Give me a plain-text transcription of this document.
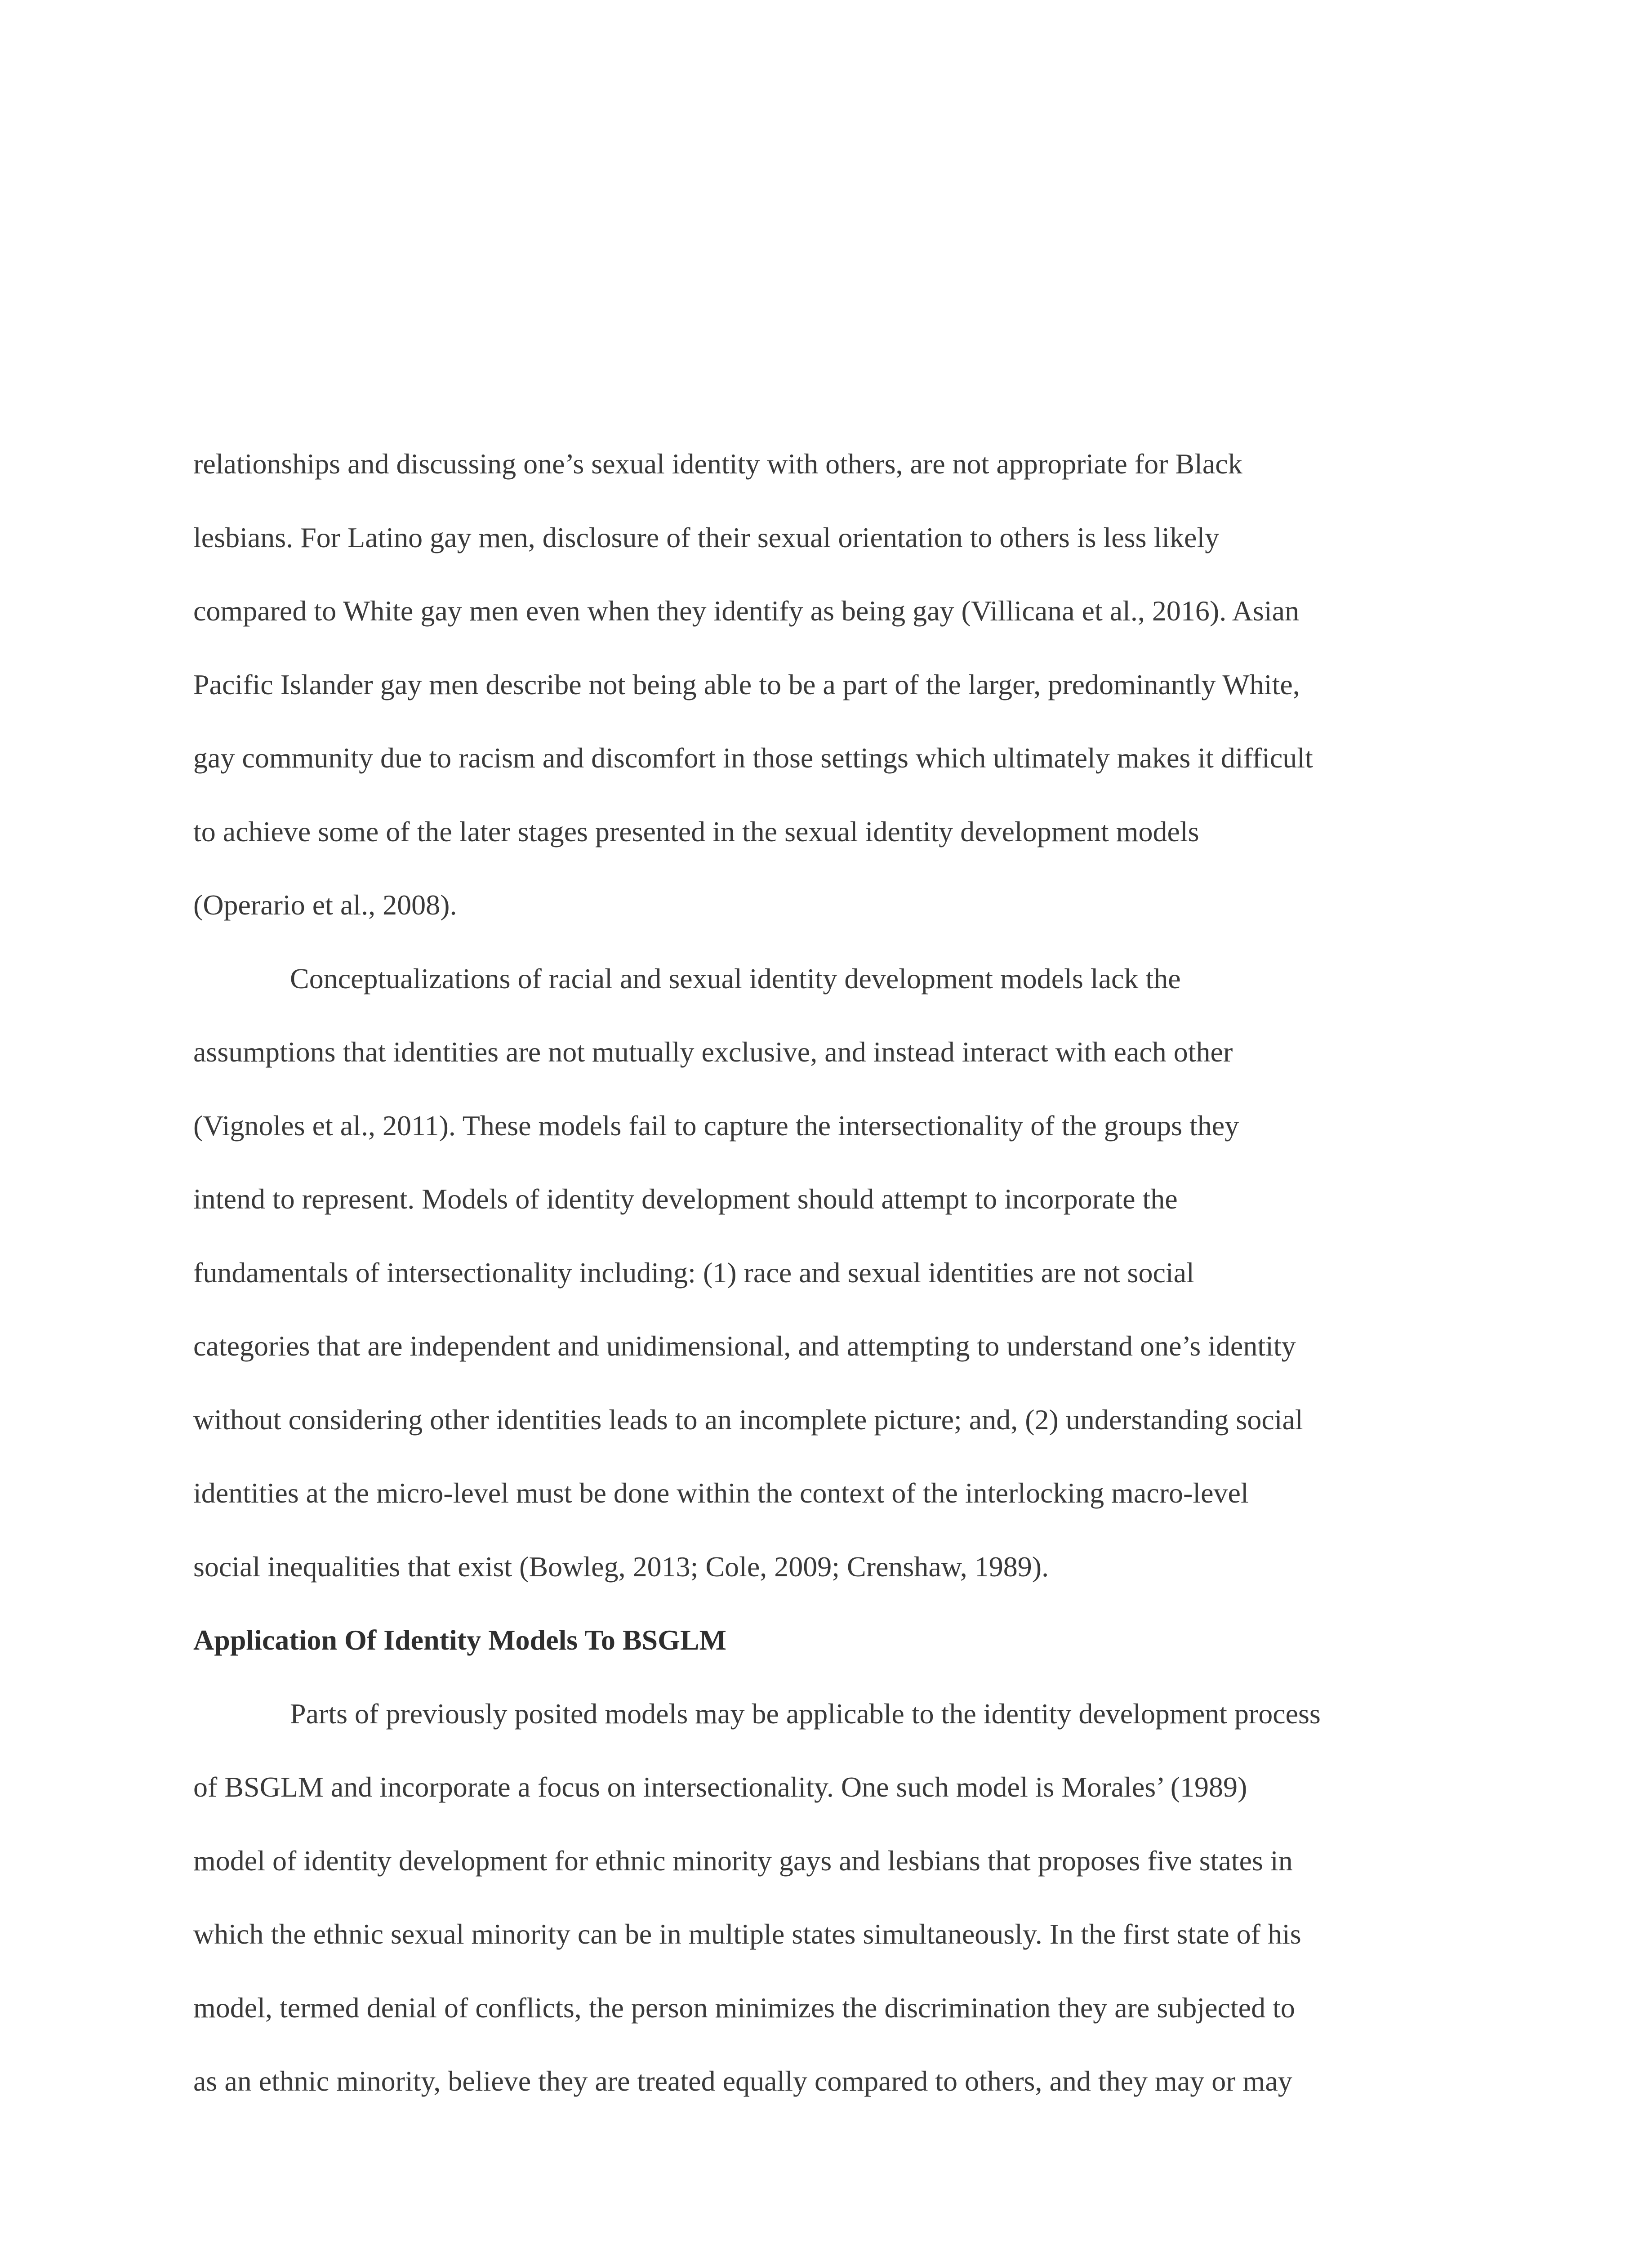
relationships and discussing one’s sexual identity with others, are not appropriate for Black
lesbians. For Latino gay men, disclosure of their sexual orientation to others is less likely
compared to White gay men even when they identify as being gay (Villicana et al., 2016). Asian
Pacific Islander gay men describe not being able to be a part of the larger, predominantly White,
gay community due to racism and discomfort in those settings which ultimately makes it difficult
to achieve some of the later stages presented in the sexual identity development models
(Operario et al., 2008).
Conceptualizations of racial and sexual identity development models lack the
assumptions that identities are not mutually exclusive, and instead interact with each other
(Vignoles et al., 2011). These models fail to capture the intersectionality of the groups they
intend to represent. Models of identity development should attempt to incorporate the
fundamentals of intersectionality including: (1) race and sexual identities are not social
categories that are independent and unidimensional, and attempting to understand one’s identity
without considering other identities leads to an incomplete picture; and, (2) understanding social
identities at the micro-level must be done within the context of the interlocking macro-level
social inequalities that exist (Bowleg, 2013; Cole, 2009; Crenshaw, 1989).
Application Of Identity Models To BSGLM
Parts of previously posited models may be applicable to the identity development process
of BSGLM and incorporate a focus on intersectionality. One such model is Morales’ (1989)
model of identity development for ethnic minority gays and lesbians that proposes five states in
which the ethnic sexual minority can be in multiple states simultaneously. In the first state of his
model, termed denial of conflicts, the person minimizes the discrimination they are subjected to
as an ethnic minority, believe they are treated equally compared to others, and they may or may
